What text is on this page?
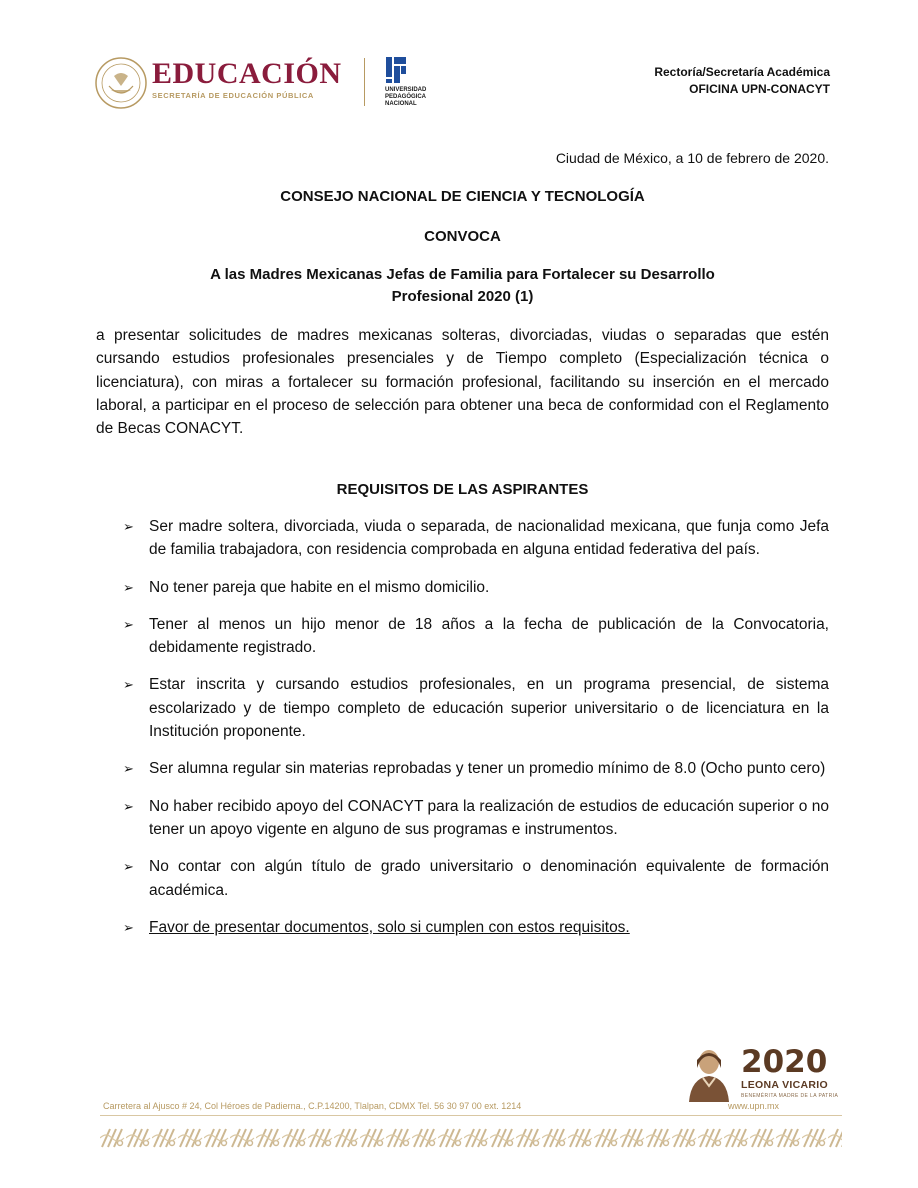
EDUCACIÓN
SECRETARÍA DE EDUCACIÓN PÚBLICA
UNIVERSIDAD
PEDAGÓGICA
NACIONAL
Rectoría/Secretaría Académica
OFICINA UPN-CONACYT
Ciudad de México, a 10 de febrero de 2020.
CONSEJO NACIONAL DE CIENCIA Y TECNOLOGÍA
CONVOCA
A las Madres Mexicanas Jefas de Familia para Fortalecer su Desarrollo
Profesional 2020 (1)
a presentar solicitudes de madres mexicanas solteras, divorciadas, viudas o separadas que estén cursando estudios profesionales presenciales y de Tiempo completo (Especialización técnica o licenciatura), con miras a fortalecer su formación profesional, facilitando su inserción en el mercado laboral, a participar en el proceso de selección para obtener una beca de conformidad con el Reglamento de Becas CONACYT.
REQUISITOS DE LAS ASPIRANTES
➢ Ser madre soltera, divorciada, viuda o separada, de nacionalidad mexicana, que funja como Jefa de familia trabajadora, con residencia comprobada en alguna entidad federativa del país.
➢ No tener pareja que habite en el mismo domicilio.
➢ Tener al menos un hijo menor de 18 años a la fecha de publicación de la Convocatoria, debidamente registrado.
➢ Estar inscrita y cursando estudios profesionales, en un programa presencial, de sistema escolarizado y de tiempo completo de educación superior universitario o de licenciatura en la Institución proponente.
➢ Ser alumna regular sin materias reprobadas y tener un promedio mínimo de 8.0 (Ocho punto cero)
➢ No haber recibido apoyo del CONACYT para la realización de estudios de educación superior o no tener un apoyo vigente en alguno de sus programas e instrumentos.
➢ No contar con algún título de grado universitario o denominación equivalente de formación académica.
➢ Favor de presentar documentos, solo si cumplen con estos requisitos.
2020
LEONA VICARIO
BENEMÉRITA MADRE DE LA PATRIA
Carretera al Ajusco # 24, Col Héroes de Padierna., C.P.14200, Tlalpan, CDMX Tel. 56 30 97 00 ext. 1214	www.upn.mx
